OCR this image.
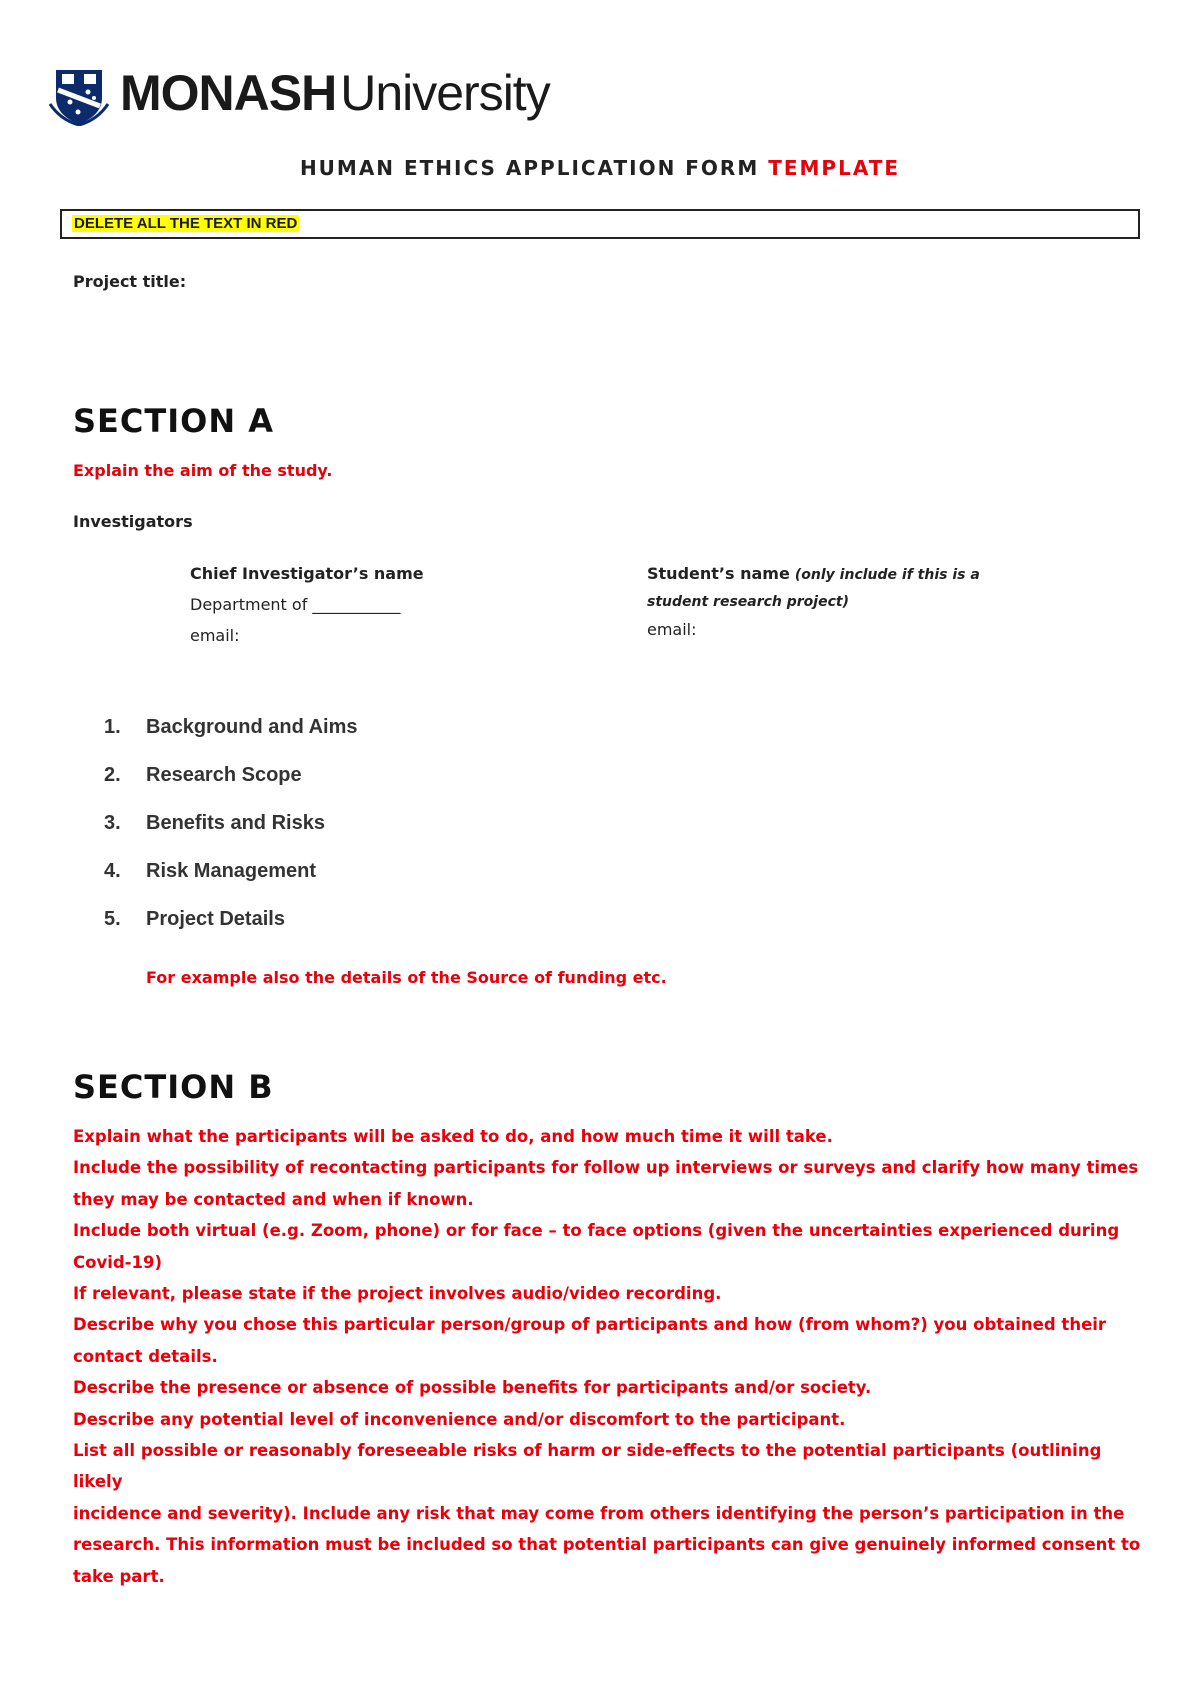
MONASHUniversity
HUMAN ETHICS APPLICATION FORM TEMPLATE
DELETE ALL THE TEXT IN RED
Project title:
SECTION A
Explain the aim of the study.
Investigators
Chief Investigator’s name
Department of ___________
email:
Student’s name (only include if this is a
student research project)
email:
1. Background and Aims
2. Research Scope
3. Benefits and Risks
4. Risk Management
5. Project Details
For example also the details of the Source of funding etc.
SECTION B
Explain what the participants will be asked to do, and how much time it will take.
Include the possibility of recontacting participants for follow up interviews or surveys and clarify how many times
they may be contacted and when if known.
Include both virtual (e.g. Zoom, phone) or for face – to face options (given the uncertainties experienced during
Covid-19)
If relevant, please state if the project involves audio/video recording.
Describe why you chose this particular person/group of participants and how (from whom?) you obtained their
contact details.
Describe the presence or absence of possible benefits for participants and/or society.
Describe any potential level of inconvenience and/or discomfort to the participant.
List all possible or reasonably foreseeable risks of harm or side-effects to the potential participants (outlining likely
incidence and severity). Include any risk that may come from others identifying the person’s participation in the
research. This information must be included so that potential participants can give genuinely informed consent to
take part.
